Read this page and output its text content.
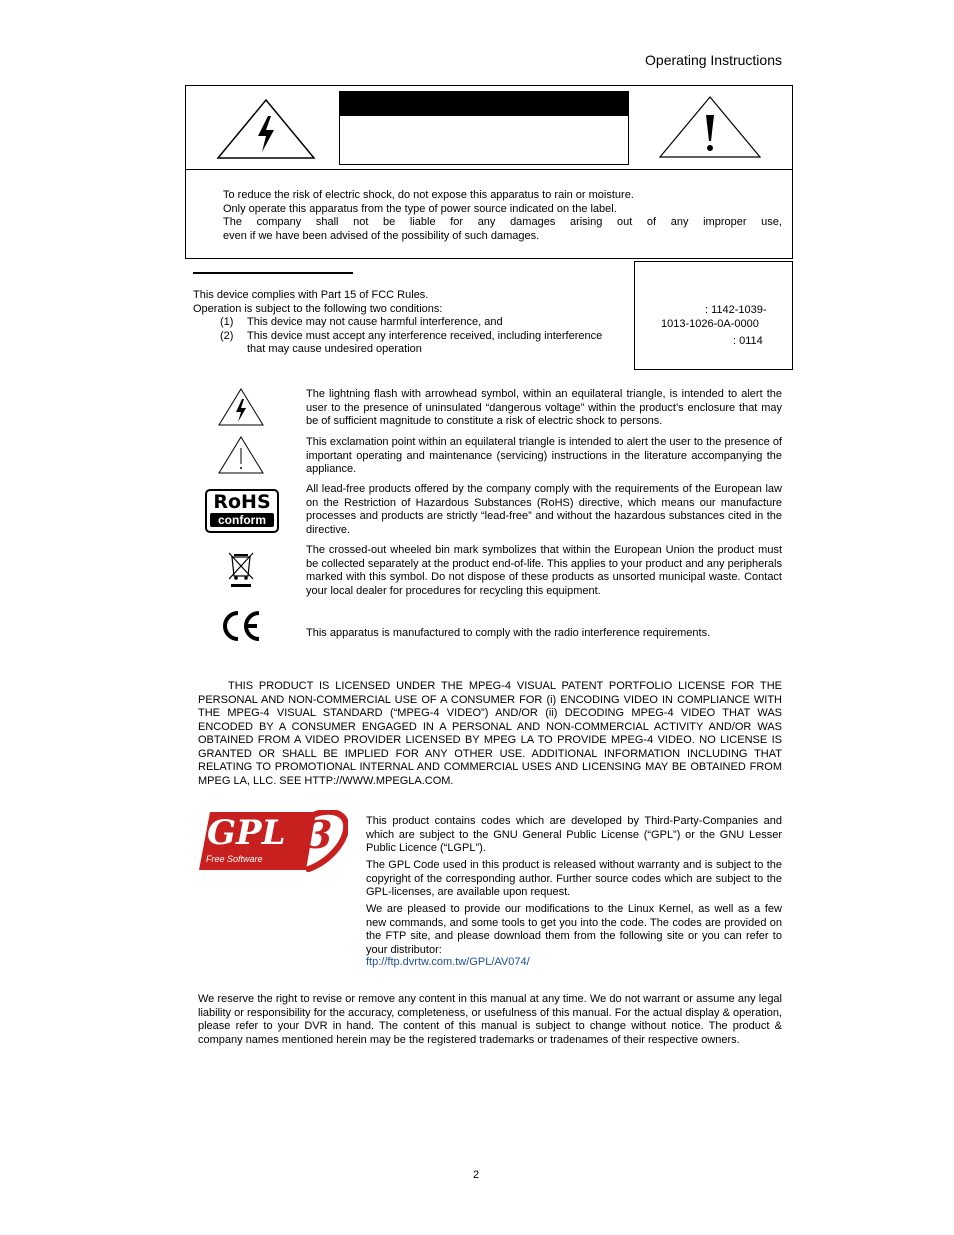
Operating Instructions
To reduce the risk of electric shock, do not expose this apparatus to rain or moisture.
Only operate this apparatus from the type of power source indicated on the label.
The company shall not be liable for any damages arising out of any improper use,
even if we have been advised of the possibility of such damages.
This device complies with Part 15 of FCC Rules.
Operation is subject to the following two conditions:
(1)	This device may not cause harmful interference, and
(2)	This device must accept any interference received, including interference
that may cause undesired operation
: 1142-1039-
1013-1026-0A-0000
: 0114
The lightning flash with arrowhead symbol, within an equilateral triangle, is intended to alert the user to the presence of uninsulated “dangerous voltage” within the product’s enclosure that may be of sufficient magnitude to constitute a risk of electric shock to persons.
This exclamation point within an equilateral triangle is intended to alert the user to the presence of important operating and maintenance (servicing) instructions in the literature accompanying the appliance.
RoHS
conform
All lead-free products offered by the company comply with the requirements of the European law on the Restriction of Hazardous Substances (RoHS) directive, which means our manufacture processes and products are strictly “lead-free” and without the hazardous substances cited in the directive.
The crossed-out wheeled bin mark symbolizes that within the European Union the product must be collected separately at the product end-of-life. This applies to your product and any peripherals marked with this symbol. Do not dispose of these products as unsorted municipal waste. Contact your local dealer for procedures for recycling this equipment.
This apparatus is manufactured to comply with the radio interference requirements.
THIS PRODUCT IS LICENSED UNDER THE MPEG-4 VISUAL PATENT PORTFOLIO LICENSE FOR THE PERSONAL AND NON-COMMERCIAL USE OF A CONSUMER FOR (i) ENCODING VIDEO IN COMPLIANCE WITH THE MPEG-4 VISUAL STANDARD (“MPEG-4 VIDEO”) AND/OR (ii) DECODING MPEG-4 VIDEO THAT WAS ENCODED BY A CONSUMER ENGAGED IN A PERSONAL AND NON-COMMERCIAL ACTIVITY AND/OR WAS OBTAINED FROM A VIDEO PROVIDER LICENSED BY MPEG LA TO PROVIDE MPEG-4 VIDEO. NO LICENSE IS GRANTED OR SHALL BE IMPLIED FOR ANY OTHER USE. ADDITIONAL INFORMATION INCLUDING THAT RELATING TO PROMOTIONAL INTERNAL AND COMMERCIAL USES AND LICENSING MAY BE OBTAINED FROM MPEG LA, LLC. SEE HTTP://WWW.MPEGLA.COM.
GPL 3
Free Software
This product contains codes which are developed by Third-Party-Companies and which are subject to the GNU General Public License (“GPL”) or the GNU Lesser Public Licence (“LGPL”).
The GPL Code used in this product is released without warranty and is subject to the copyright of the corresponding author. Further source codes which are subject to the GPL-licenses, are available upon request.
We are pleased to provide our modifications to the Linux Kernel, as well as a few new commands, and some tools to get you into the code. The codes are provided on the FTP site, and please download them from the following site or you can refer to your distributor:
ftp://ftp.dvrtw.com.tw/GPL/AV074/
We reserve the right to revise or remove any content in this manual at any time. We do not warrant or assume any legal liability or responsibility for the accuracy, completeness, or usefulness of this manual. For the actual display & operation, please refer to your DVR in hand. The content of this manual is subject to change without notice. The product & company names mentioned herein may be the registered trademarks or tradenames of their respective owners.
2
